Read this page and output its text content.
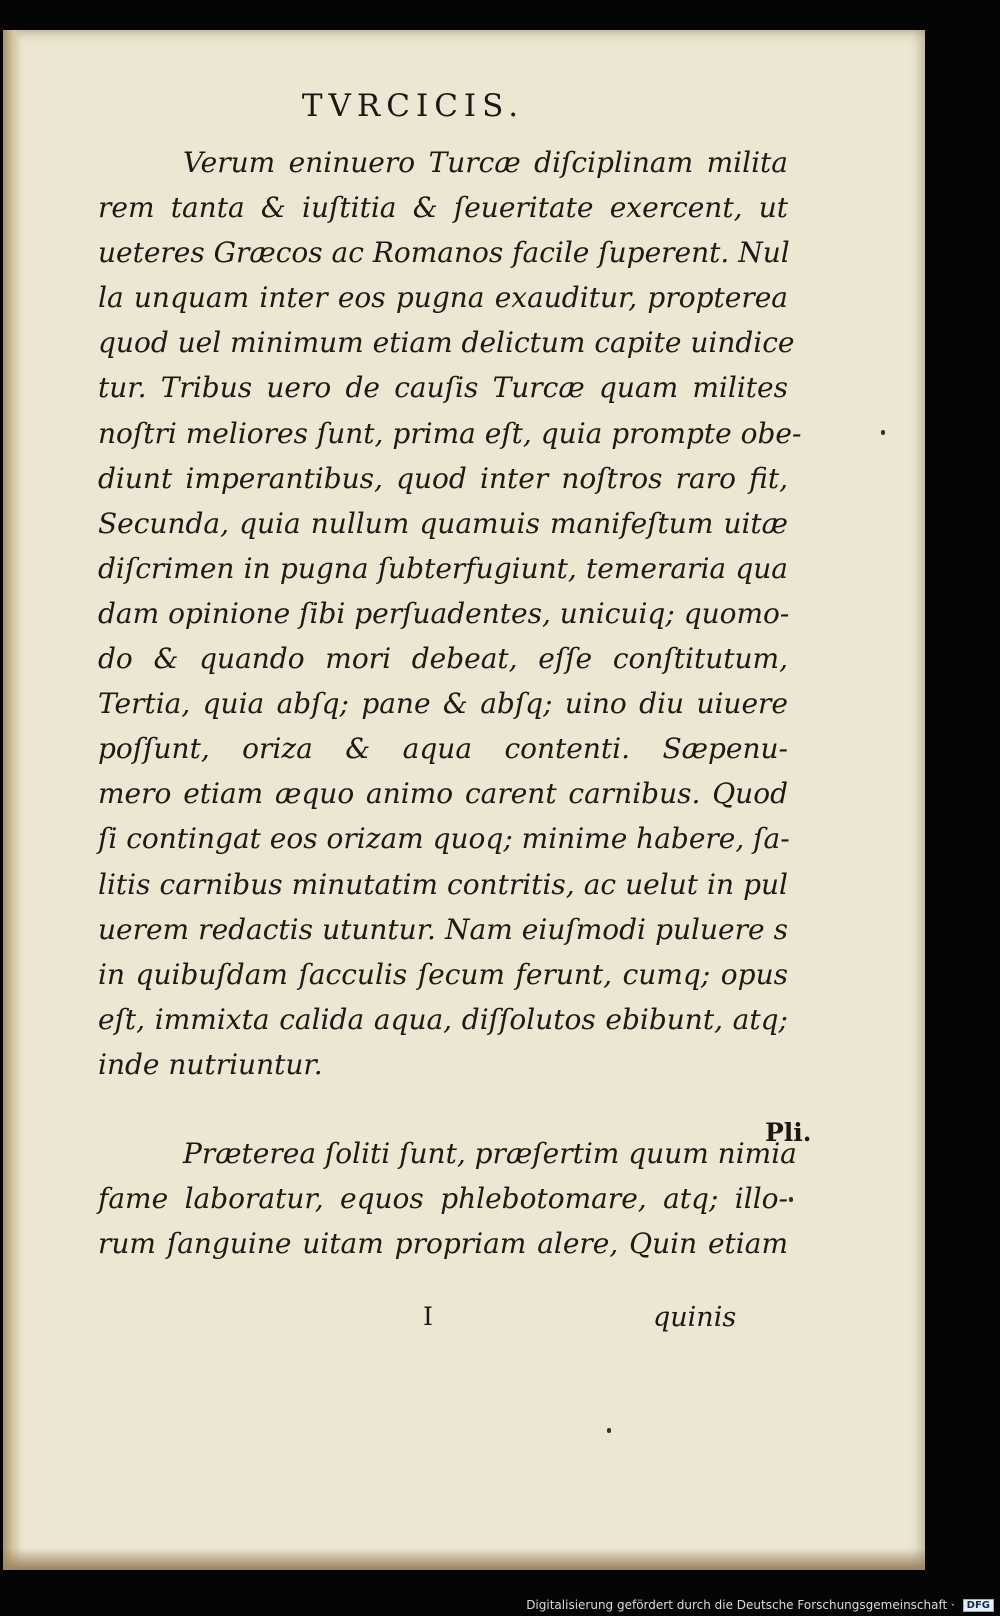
TVRCICIS.
Verum eninuero Turcæ diſciplinam milita
rem tanta & iuſtitia & ſeueritate exercent, ut
ueteres Græcos ac Romanos facile ſuperent. Nul
la unquam inter eos pugna exauditur, propterea
quod uel minimum etiam delictum capite uindice
tur. Tribus uero de cauſis Turcæ quam milites
noſtri meliores ſunt, prima eſt, quia prompte obe-
diunt imperantibus, quod inter noſtros raro fit,
Secunda, quia nullum quamuis manifeſtum uitæ
diſcrimen in pugna ſubterfugiunt, temeraria qua
dam opinione ſibi perſuadentes, unicuiq; quomo-
do & quando mori debeat, eſſe conſtitutum,
Tertia, quia abſq; pane & abſq; uino diu uiuere
poſſunt, oriza & aqua contenti. Sæpenu-
mero etiam æquo animo carent carnibus. Quod
ſi contingat eos orizam quoq; minime habere, ſa-
litis carnibus minutatim contritis, ac uelut in pul
uerem redactis utuntur. Nam eiuſmodi puluere s
in quibuſdam ſacculis ſecum ferunt, cumq; opus
eſt, immixta calida aqua, diſſolutos ebibunt, atq;
inde nutriuntur.
Præterea ſoliti ſunt, præſertim quum nimia
fame laboratur, equos phlebotomare, atq; illo-
rum ſanguine uitam propriam alere, Quin etiam
Pli.
I	quinis
Digitalisierung gefördert durch die Deutsche Forschungsgemeinschaft · DFG
